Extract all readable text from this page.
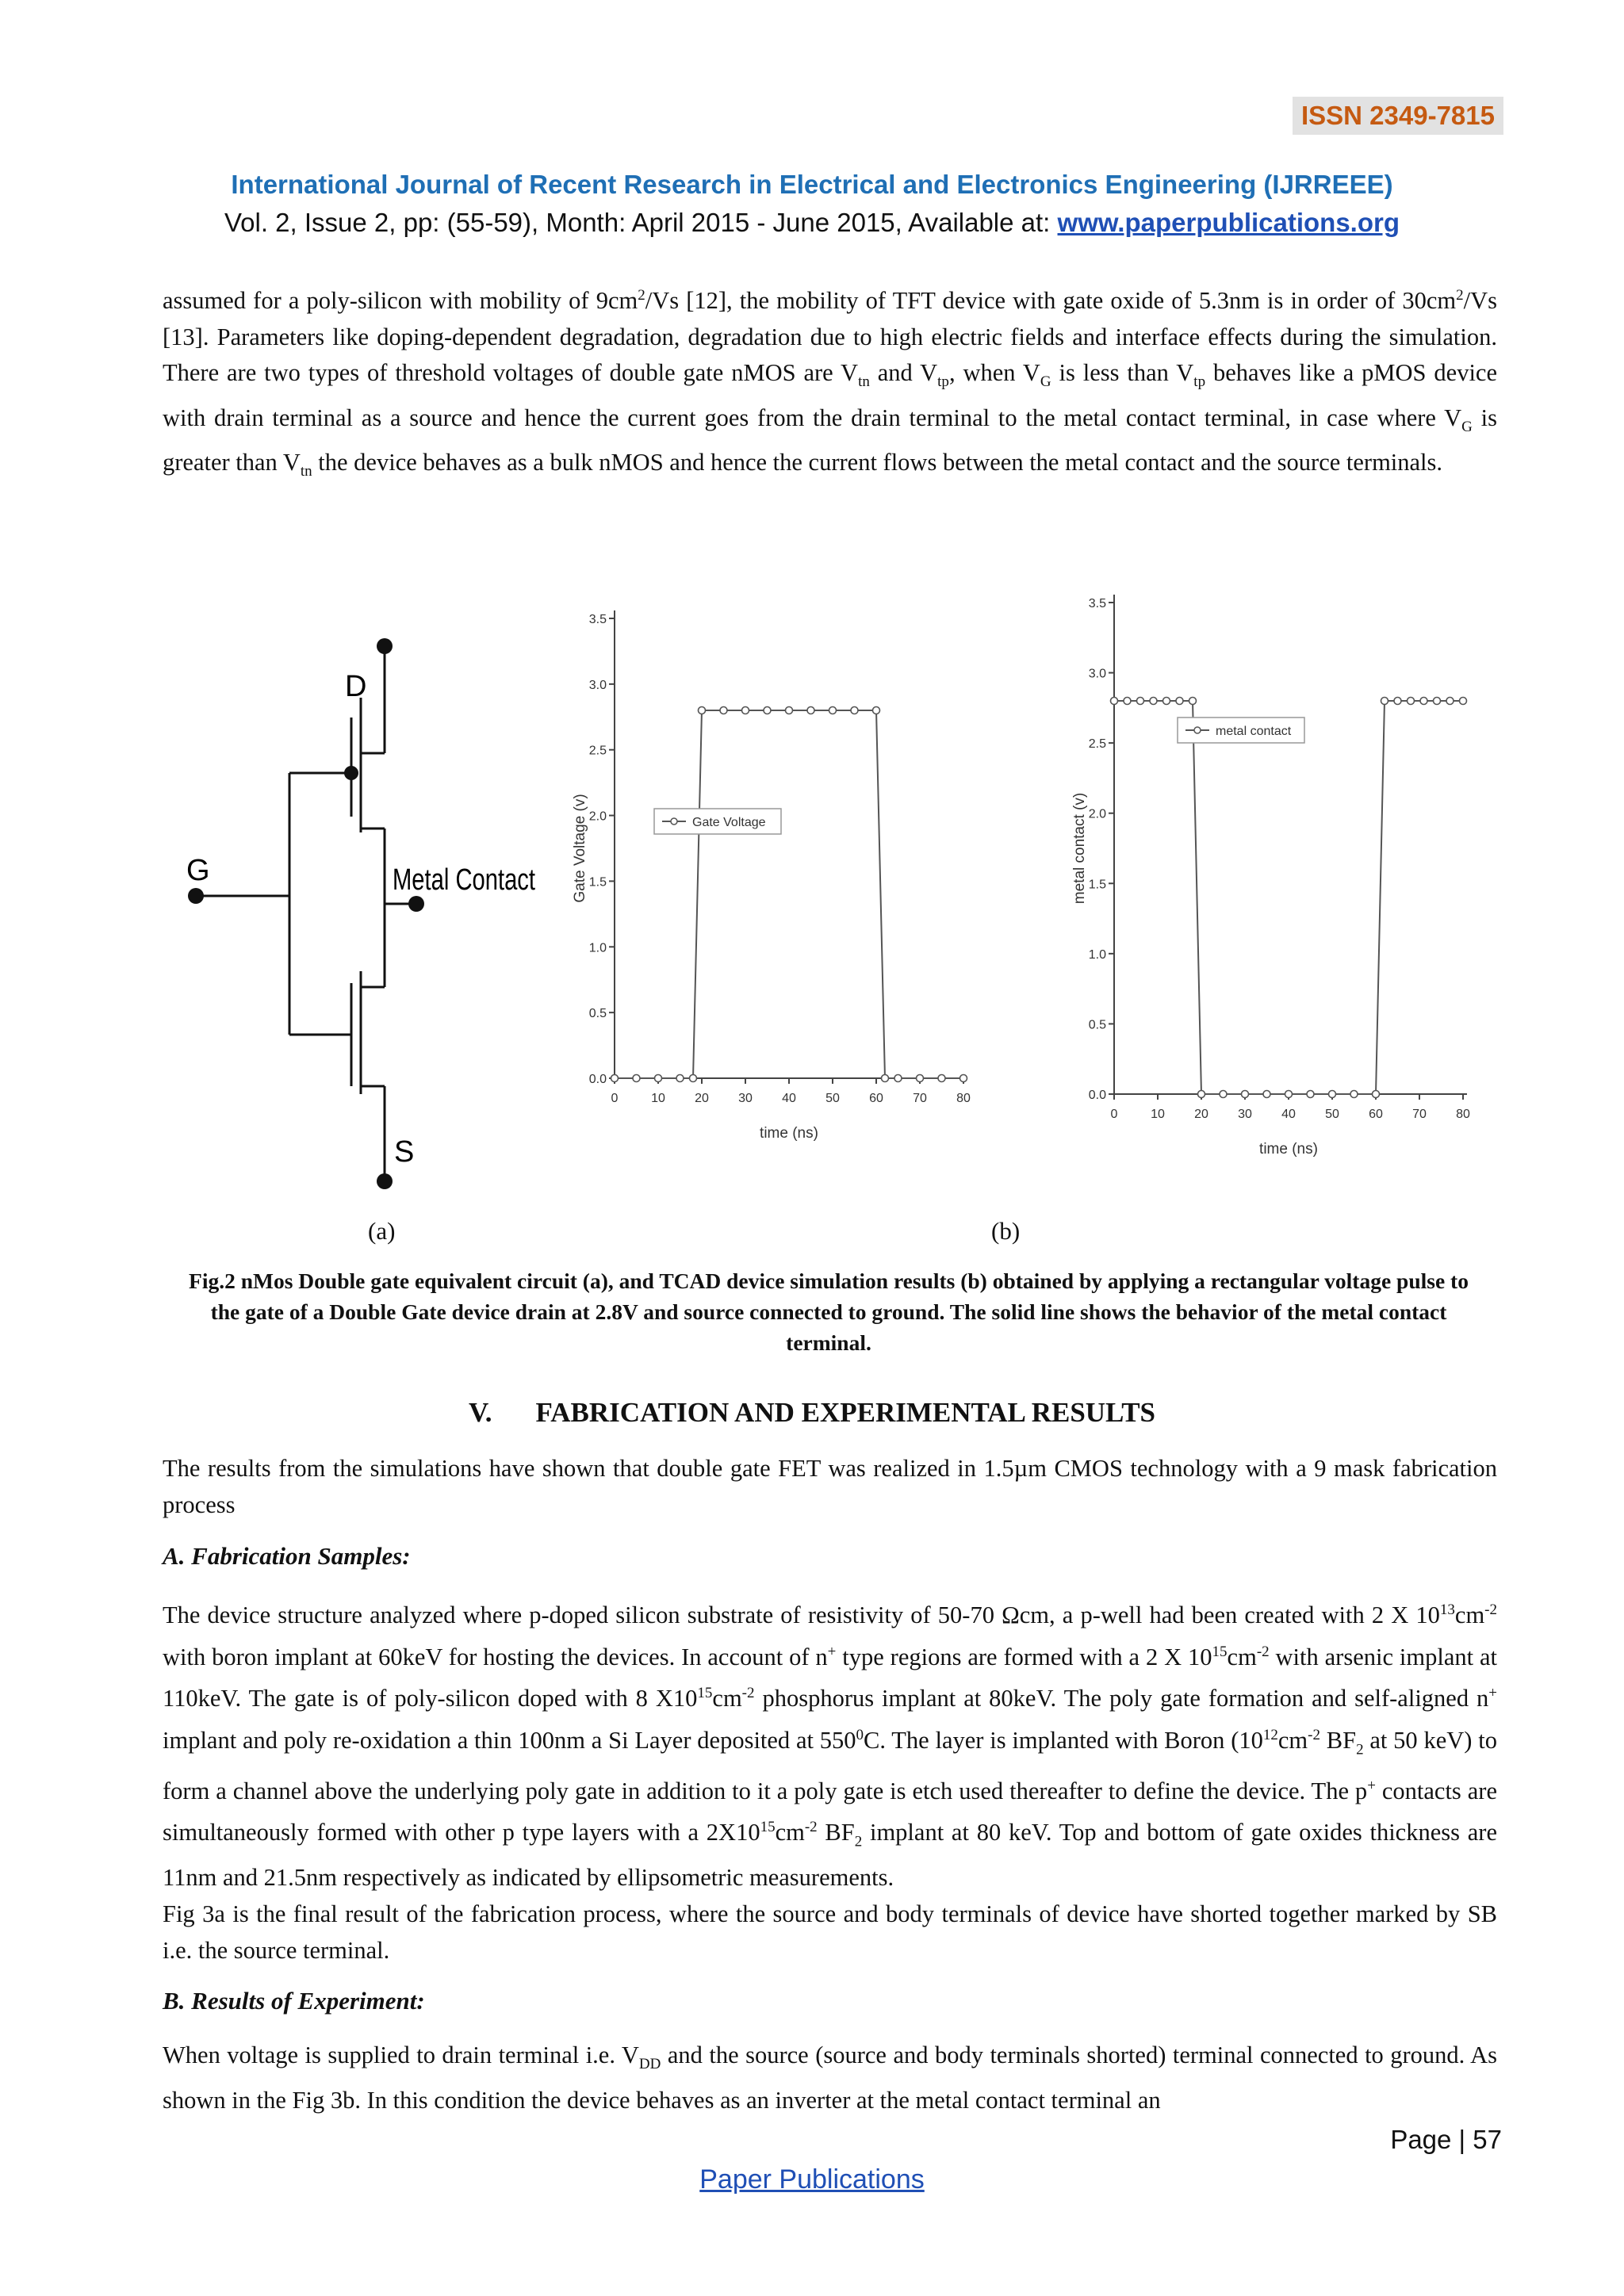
ISSN 2349-7815
International Journal of Recent Research in Electrical and Electronics Engineering (IJRREEE)
Vol. 2, Issue 2, pp: (55-59), Month: April 2015 - June 2015, Available at: www.paperpublications.org
assumed for a poly-silicon with mobility of $9cm^2/Vs$ [12], the mobility of TFT device with gate oxide of 5.3nm is in order of $30cm^2/Vs$ [13]. Parameters like doping-dependent degradation, degradation due to high electric fields and interface effects during the simulation. There are two types of threshold voltages of double gate nMOS are $V_{tn}$ and $V_{tp}$, when $V_G$ is less than $V_{tp}$ behaves like a pMOS device with drain terminal as a source and hence the current goes from the drain terminal to the metal contact terminal, in case where $V_G$ is greater than $V_{tn}$ the device behaves as a bulk nMOS and hence the current flows between the metal contact and the source terminals.
D
G	Metal Contact
S
0.0
0.5
1.0
1.5
2.0
2.5
3.0
3.5
0	10 20 30 40 50 60 70 80
time (ns)
Gate Voltage (v)	Gate Voltage
0.0
0.5
1.0
1.5
2.0
2.5
3.0
3.5
0	10 20 30 40 50 60 70 80
time (ns)
metal contact (v)
metal contact
(a)	(b)
Fig.2 nMos Double gate equivalent circuit (a), and TCAD device simulation results (b) obtained by applying a rectangular voltage pulse to the gate of a Double Gate device drain at 2.8V and source connected to ground. The solid line shows the behavior of the metal contact terminal.
V. FABRICATION AND EXPERIMENTAL RESULTS
The results from the simulations have shown that double gate FET was realized in 1.5µm CMOS technology with a 9 mask fabrication process
A. Fabrication Samples:
The device structure analyzed where p-doped silicon substrate of resistivity of 50-70 Ωcm, a p-well had been created with 2 X $10^{13}cm^{-2}$ with boron implant at 60keV for hosting the devices. In account of n+ type regions are formed with a 2 X $10^{15}cm^{-2}$ with arsenic implant at 110keV. The gate is of poly-silicon doped with 8 $X10^{15}cm^{-2}$ phosphorus implant at 80keV. The poly gate formation and self-aligned n+ implant and poly re-oxidation a thin 100nm a Si Layer deposited at $550^0C$. The layer is implanted with Boron ($10^{12}cm^{-2}$ $BF_2$ at 50 keV) to form a channel above the underlying poly gate in addition to it a poly gate is etch used thereafter to define the device. The p+ contacts are simultaneously formed with other p type layers with a $2X10^{15}cm^{-2}$ $BF_2$ implant at 80 keV. Top and bottom of gate oxides thickness are 11nm and 21.5nm respectively as indicated by ellipsometric measurements.
Fig 3a is the final result of the fabrication process, where the source and body terminals of device have shorted together marked by SB i.e. the source terminal.
B. Results of Experiment:
When voltage is supplied to drain terminal i.e. $V_{DD}$ and the source (source and body terminals shorted) terminal connected to ground. As shown in the Fig 3b. In this condition the device behaves as an inverter at the metal contact terminal an
Page | 57
Paper Publications
